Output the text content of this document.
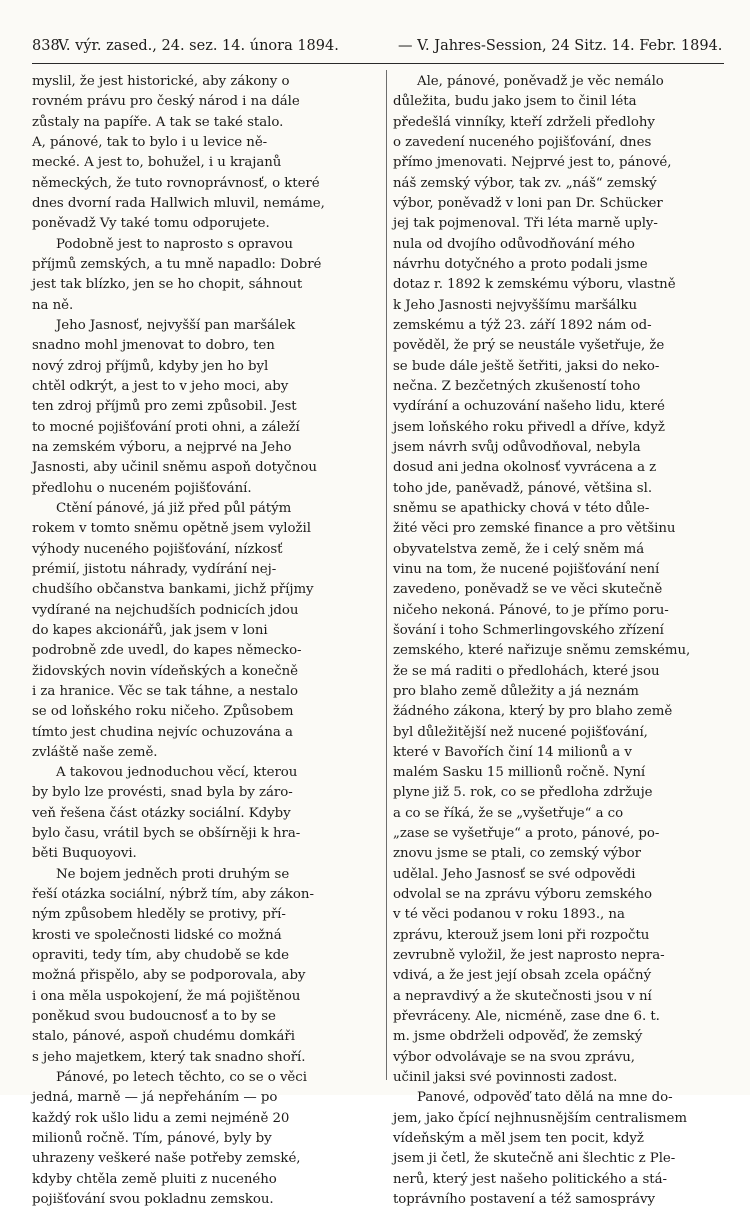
838
V. výr. zased., 24. sez. 14. února 1894.	— V. Jahres-Session, 24 Sitz. 14. Febr. 1894.
myslil, že jest historické, aby zákony o
rovném právu pro český národ i na dále
zůstaly na papíře. A tak se také stalo.
A, pánové, tak to bylo i u levice ně-
mecké. A jest to, bohužel, i u krajanů
německých, že tuto rovnoprávnosť, o které
dnes dvorní rada Hallwich mluvil, nemáme,
poněvadž Vy také tomu odporujete.
Podobně jest to naprosto s opravou
příjmů zemských, a tu mně napadlo: Dobré
jest tak blízko, jen se ho chopit, sáhnout
na ně.
Jeho Jasnosť, nejvyšší pan maršálek
snadno mohl jmenovat to dobro, ten
nový zdroj příjmů, kdyby jen ho byl
chtěl odkrýt, a jest to v jeho moci, aby
ten zdroj příjmů pro zemi způsobil. Jest
to mocné pojišťování proti ohni, a záleží
na zemském výboru, a nejprvé na Jeho
Jasnosti, aby učinil sněmu aspoň dotyčnou
předlohu o nuceném pojišťování.
Ctění pánové, já již před půl pátým
rokem v tomto sněmu opětně jsem vyložil
výhody nuceného pojišťování, nízkosť
prémií, jistotu náhrady, vydírání nej-
chudšího občanstva bankami, jichž příjmy
vydírané na nejchudších podnicích jdou
do kapes akcionářů, jak jsem v loni
podrobně zde uvedl, do kapes německo-
židovských novin vídeňských a konečně
i za hranice. Věc se tak táhne, a nestalo
se od loňského roku ničeho. Způsobem
tímto jest chudina nejvíc ochuzována a
zvláště naše země.
A takovou jednoduchou věcí, kterou
by bylo lze provésti, snad byla by záro-
veň řešena část otázky sociální. Kdyby
bylo času, vrátil bych se obšírněji k hra-
běti Buquoyovi.
Ne bojem jedněch proti druhým se
řeší otázka sociální, nýbrž tím, aby zákon-
ným způsobem hleděly se protivy, pří-
krosti ve společnosti lidské co možná
opraviti, tedy tím, aby chudobě se kde
možná přispělo, aby se podporovala, aby
i ona měla uspokojení, že má pojištěnou
poněkud svou budoucnosť a to by se
stalo, pánové, aspoň chudému domkáři
s jeho majetkem, který tak snadno shoří.
Pánové, po letech těchto, co se o věci
jedná, marně — já nepřeháním — po
každý rok ušlo lidu a zemi nejméně 20
milionů ročně. Tím, pánové, byly by
uhrazeny veškeré naše potřeby zemské,
kdyby chtěla země pluiti z nuceného
pojišťování svou pokladnu zemskou.
Ale, pánové, poněvadž je věc nemálo
důležita, budu jako jsem to činil léta
předešlá vinníky, kteří zdrželi předlohy
o zavedení nuceného pojišťování, dnes
přímo jmenovati. Nejprvé jest to, pánové,
náš zemský výbor, tak zv. „náš“ zemský
výbor, poněvadž v loni pan Dr. Schücker
jej tak pojmenoval. Tři léta marně uply-
nula od dvojího odůvodňování mého
návrhu dotyčného a proto podali jsme
dotaz r. 1892 k zemskému výboru, vlastně
k Jeho Jasnosti nejvyššímu maršálku
zemskému a týž 23. září 1892 nám od-
pověděl, že prý se neustále vyšetřuje, že
se bude dále ještě šetřiti, jaksi do neko-
nečna. Z bezčetných zkušeností toho
vydírání a ochuzování našeho lidu, které
jsem loňského roku přivedl a dříve, když
jsem návrh svůj odůvodňoval, nebyla
dosud ani jedna okolnosť vyvrácena a z
toho jde, paněvadž, pánové, většina sl.
sněmu se apathicky chová v této důle-
žité věci pro zemské finance a pro většinu
obyvatelstva země, že i celý sněm má
vinu na tom, že nucené pojišťování není
zavedeno, poněvadž se ve věci skutečně
ničeho nekoná. Pánové, to je přímo poru-
šování i toho Schmerlingovského zřízení
zemského, které nařizuje sněmu zemskému,
že se má raditi o předlohách, které jsou
pro blaho země důležity a já neznám
žádného zákona, který by pro blaho země
byl důležitější než nucené pojišťování,
které v Bavořích činí 14 milionů a v
malém Sasku 15 millionů ročně. Nyní
plyne již 5. rok, co se předloha zdržuje
a co se říká, že se „vyšetřuje“ a co
„zase se vyšetřuje“ a proto, pánové, po-
znovu jsme se ptali, co zemský výbor
udělal. Jeho Jasnosť se své odpovědi
odvolal se na zprávu výboru zemského
v té věci podanou v roku 1893., na
zprávu, kterouž jsem loni při rozpočtu
zevrubně vyložil, že jest naprosto nepra-
vdivá, a že jest její obsah zcela opáčný
a nepravdivý a že skutečnosti jsou v ní
převráceny. Ale, nicméně, zase dne 6. t.
m. jsme obdrželi odpověď, že zemský
výbor odvolávaje se na svou zprávu,
učinil jaksi své povinnosti zadost.
Panové, odpověď tato dělá na mne do-
jem, jako čpící nejhnusnějším centralismem
vídeňským a měl jsem ten pocit, když
jsem ji četl, že skutečně ani šlechtic z Ple-
nerů, který jest našeho politického a stá-
toprávního postavení a též samosprávy
